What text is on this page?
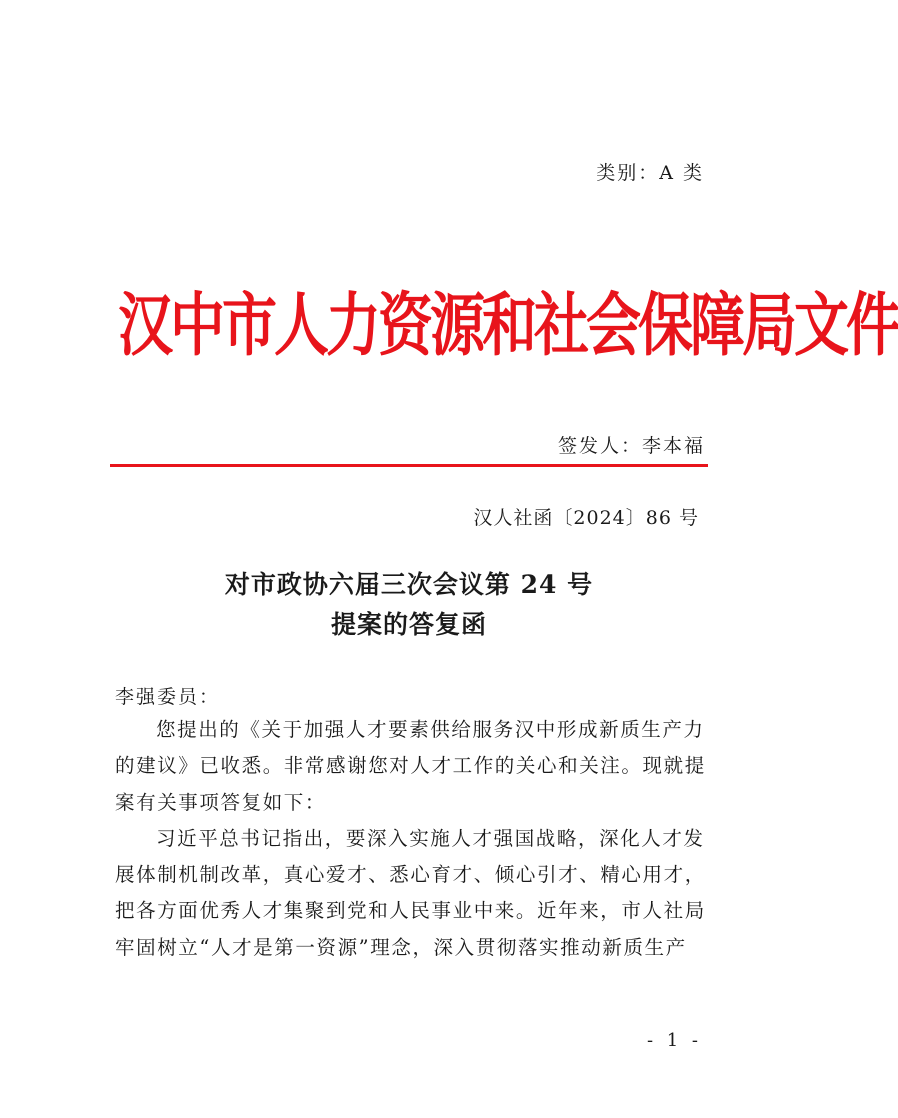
类别：A 类
汉中市人力资源和社会保障局文件
签发人：李本福
汉人社函〔2024〕86 号
对市政协六届三次会议第 24 号
提案的答复函
李强委员：
您提出的《关于加强人才要素供给服务汉中形成新质生产力
的建议》已收悉。非常感谢您对人才工作的关心和关注。现就提
案有关事项答复如下：
习近平总书记指出，要深入实施人才强国战略，深化人才发
展体制机制改革，真心爱才、悉心育才、倾心引才、精心用才，
把各方面优秀人才集聚到党和人民事业中来。近年来，市人社局
牢固树立“人才是第一资源”理念，深入贯彻落实推动新质生产
- 1 -
